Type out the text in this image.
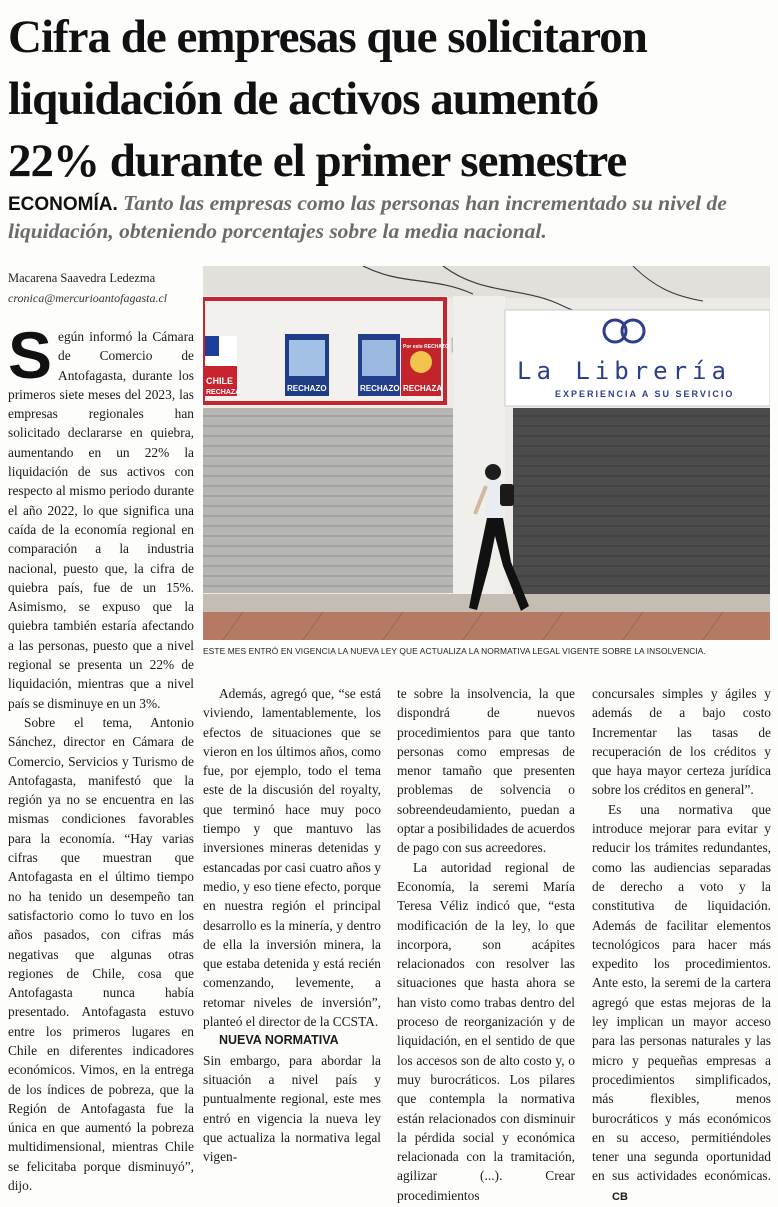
Cifra de empresas que solicitaron
liquidación de activos aumentó
22% durante el primer semestre
ECONOMÍA. Tanto las empresas como las personas han incrementado su nivel de liquidación, obteniendo porcentajes sobre la media nacional.
Macarena Saavedra Ledezma
cronica@mercurioantofagasta.cl
CHILE
RECHAZA	RECHAZO	RECHAZO
Por este RECHAZO
RECHAZA
La Librería
EXPERIENCIA A SU SERVICIO
ESTE MES ENTRÓ EN VIGENCIA LA NUEVA LEY QUE ACTUALIZA LA NORMATIVA LEGAL VIGENTE SOBRE LA INSOLVENCIA.

Según informó la Cámara de Comercio de Antofagasta, durante los primeros siete meses del 2023, las empresas regionales han solicitado declararse en quiebra, aumentando en un 22% la liquidación de sus activos con respecto al mismo periodo durante el año 2022, lo que significa una caída de la economía regional en comparación a la industria nacional, puesto que, la cifra de quiebra país, fue de un 15%. Asimismo, se expuso que la quiebra también estaría afectando a las personas, puesto que a nivel regional se presenta un 22% de liquidación, mientras que a nivel país se disminuye en un 3%.

Sobre el tema, Antonio Sánchez, director en Cámara de Comercio, Servicios y Turismo de Antofagasta, manifestó que la región ya no se encuentra en las mismas condiciones favorables para la economía. “Hay varias cifras que muestran que Antofagasta en el último tiempo no ha tenido un desempeño tan satisfactorio como lo tuvo en los años pasados, con cifras más negativas que algunas otras regiones de Chile, cosa que Antofagasta nunca había presentado. Antofagasta estuvo entre los primeros lugares en Chile en diferentes indicadores económicos. Vimos, en la entrega de los índices de pobreza, que la Región de Antofagasta fue la única en que aumentó la pobreza multidimensional, mientras Chile se felicitaba porque disminuyó”, dijo.

Además, agregó que, “se está viviendo, lamentablemente, los efectos de situaciones que se vieron en los últimos años, como fue, por ejemplo, todo el tema este de la discusión del royalty, que terminó hace muy poco tiempo y que mantuvo las inversiones mineras detenidas y estancadas por casi cuatro años y medio, y eso tiene efecto, porque en nuestra región el principal desarrollo es la minería, y dentro de ella la inversión minera, la que estaba detenida y está recién comenzando, levemente, a retomar niveles de inversión”, planteó el director de la CCSTA.

NUEVA NORMATIVA

Sin embargo, para abordar la situación a nivel país y puntualmente regional, este mes entró en vigencia la nueva ley que actualiza la normativa legal vigen-

te sobre la insolvencia, la que dispondrá de nuevos procedimientos para que tanto personas como empresas de menor tamaño que presenten problemas de solvencia o sobreendeudamiento, puedan a optar a posibilidades de acuerdos de pago con sus acreedores.

La autoridad regional de Economía, la seremi María Teresa Véliz indicó que, “esta modificación de la ley, lo que incorpora, son acápites relacionados con resolver las situaciones que hasta ahora se han visto como trabas dentro del proceso de reorganización y de liquidación, en el sentido de que los accesos son de alto costo y, o muy burocráticos. Los pilares que contempla la normativa están relacionados con disminuir la pérdida social y económica relacionada con la tramitación, agilizar (...). Crear procedimientos

concursales simples y ágiles y además de a bajo costo Incrementar las tasas de recuperación de los créditos y que haya mayor certeza jurídica sobre los créditos en general”.

Es una normativa que introduce mejorar para evitar y reducir los trámites redundantes, como las audiencias separadas de derecho a voto y la constitutiva de liquidación. Además de facilitar elementos tecnológicos para hacer más expedito los procedimientos. Ante esto, la seremi de la cartera agregó que estas mejoras de la ley implican un mayor acceso para las personas naturales y las micro y pequeñas empresas a procedimientos simplificados, más flexibles, menos burocráticos y más económicos en su acceso, permitiéndoles tener una segunda oportunidad en sus actividades económicas.CB
